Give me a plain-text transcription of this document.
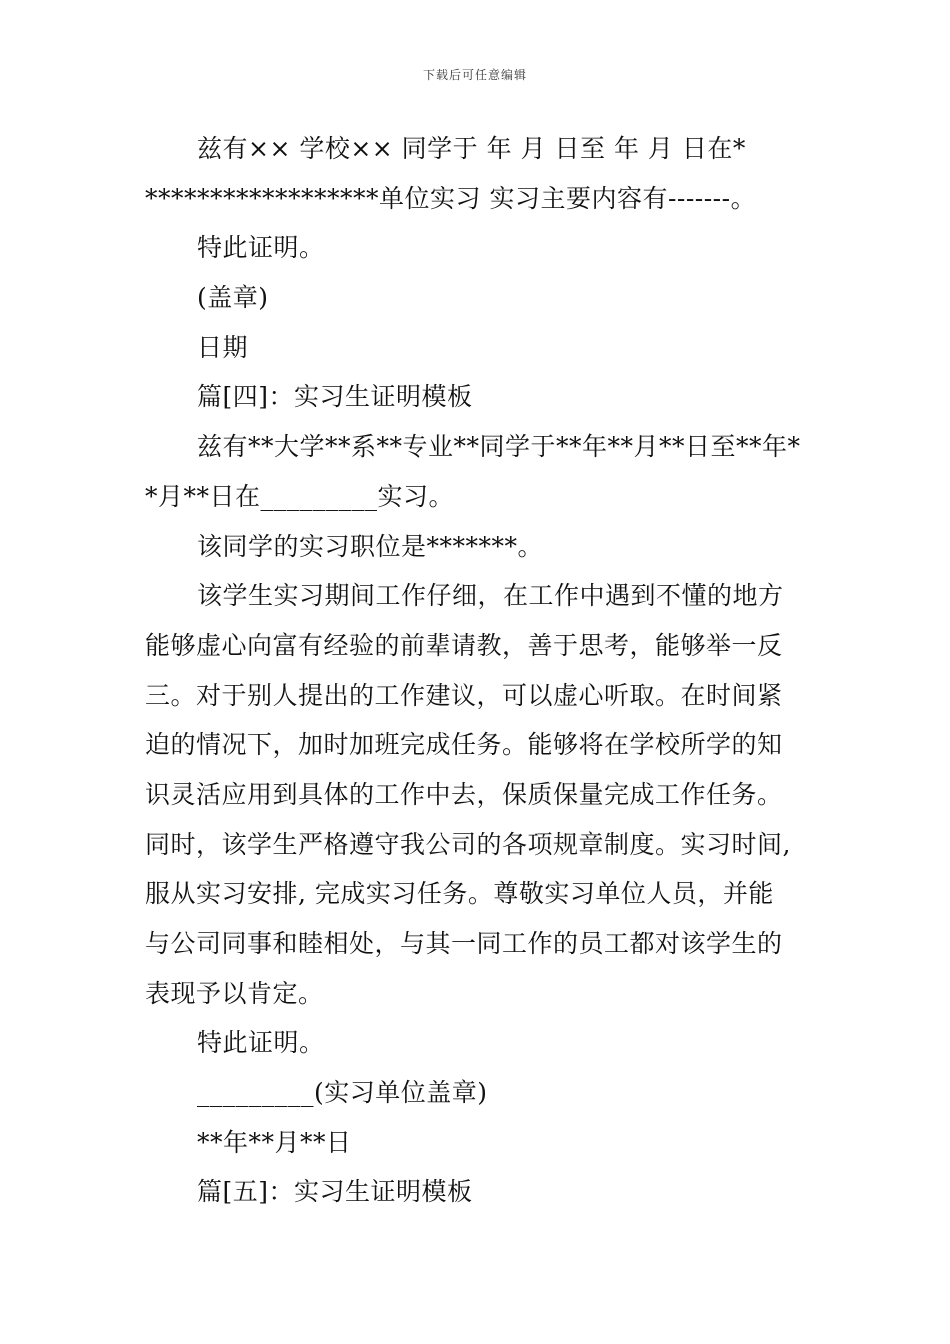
下载后可任意编辑
兹有×× 学校×× 同学于 年 月 日至 年 月 日在*
******************单位实习 实习主要内容有-------。
特此证明。
(盖章)
日期
篇[四]：实习生证明模板
兹有**大学**系**专业**同学于**年**月**日至**年*
*月**日在_________实习。
该同学的实习职位是*******。
该学生实习期间工作仔细，在工作中遇到不懂的地方
能够虚心向富有经验的前辈请教，善于思考，能够举一反
三。对于别人提出的工作建议，可以虚心听取。在时间紧
迫的情况下，加时加班完成任务。能够将在学校所学的知
识灵活应用到具体的工作中去，保质保量完成工作任务。
同时，该学生严格遵守我公司的各项规章制度。实习时间,
服从实习安排, 完成实习任务。尊敬实习单位人员，并能
与公司同事和睦相处，与其一同工作的员工都对该学生的
表现予以肯定。
特此证明。
_________(实习单位盖章)
**年**月**日
篇[五]：实习生证明模板
